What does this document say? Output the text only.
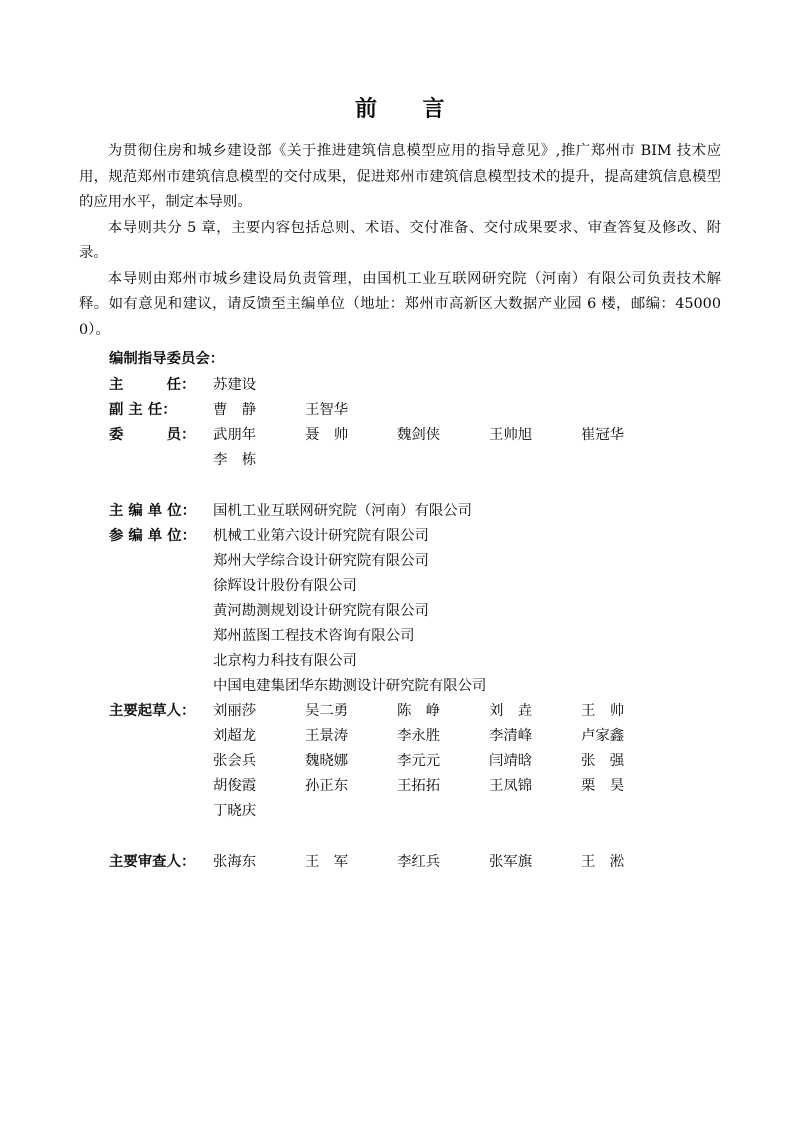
前　　言

为贯彻住房和城乡建设部《关于推进建筑信息模型应用的指导意见》,推广郑州市 BIM 技术应用，规范郑州市建筑信息模型的交付成果，促进郑州市建筑信息模型技术的提升，提高建筑信息模型的应用水平，制定本导则。

本导则共分 5 章，主要内容包括总则、术语、交付准备、交付成果要求、审查答复及修改、附录。

本导则由郑州市城乡建设局负责管理，由国机工业互联网研究院（河南）有限公司负责技术解释。如有意见和建议，请反馈至主编单位（地址：郑州市高新区大数据产业园 6 楼，邮编：450000）。

编制指导委员会：
主　　　任：	苏建设
副 主 任：	曹　静	王智华
委　　　员：	武朋年	聂　帅	魏剑侠	王帅旭	崔冠华
李　栋
主 编 单 位：	国机工业互联网研究院（河南）有限公司
参 编 单 位：	机械工业第六设计研究院有限公司
郑州大学综合设计研究院有限公司
徐辉设计股份有限公司
黄河勘测规划设计研究院有限公司
郑州蓝图工程技术咨询有限公司
北京构力科技有限公司
中国电建集团华东勘测设计研究院有限公司
主要起草人：	刘丽莎	吴二勇	陈　峥	刘　垚	王　帅
刘超龙	王景涛	李永胜	李清峰	卢家鑫
张会兵	魏晓娜	李元元	闫靖晗	张　强
胡俊霞	孙正东	王拓拓	王凤锦	栗　昊
丁晓庆
主要审查人：	张海东	王　军	李红兵	张军旗	王　淞
